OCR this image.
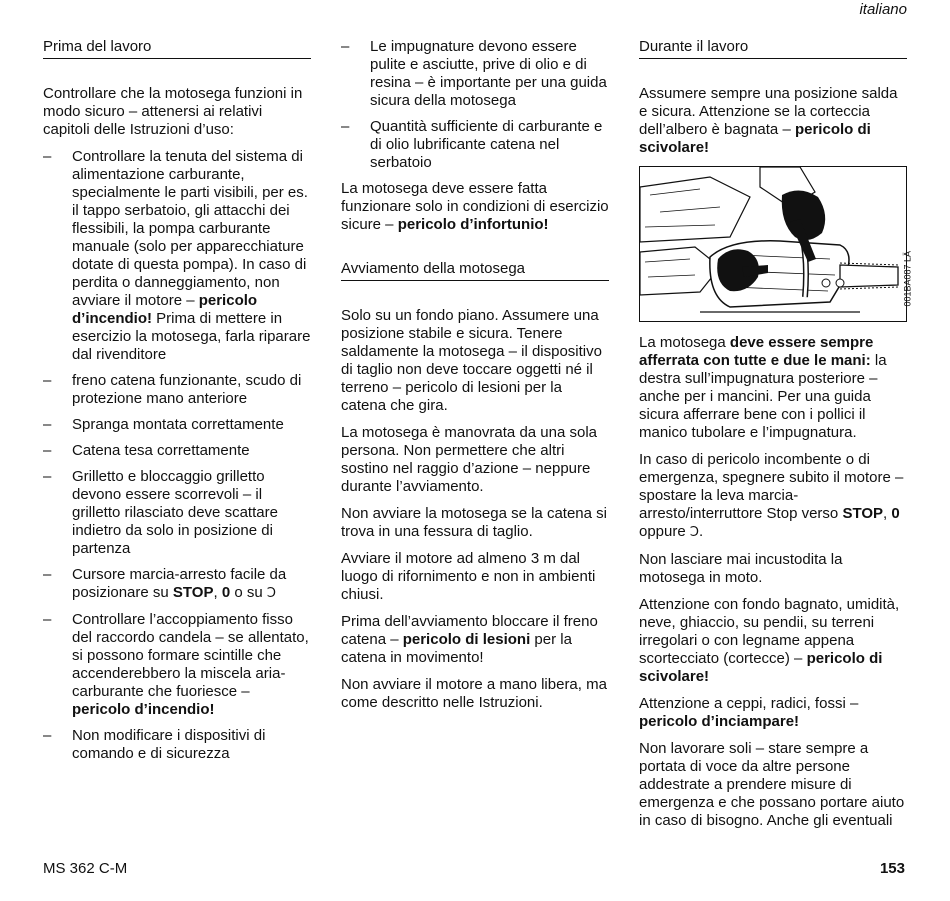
italiano
Prima del lavoro

Controllare che la motosega funzioni in modo sicuro – attenersi ai relativi capitoli delle Istruzioni d’uso:

– Controllare la tenuta del sistema di alimentazione carburante, specialmente le parti visibili, per es. il tappo serbatoio, gli attacchi dei flessibili, la pompa carburante manuale (solo per apparecchiature dotate di questa pompa). In caso di perdita o danneggiamento, non avviare il motore – pericolo d’incendio! Prima di mettere in esercizio la motosega, farla riparare dal rivenditore
– freno catena funzionante, scudo di protezione mano anteriore
– Spranga montata correttamente
– Catena tesa correttamente
– Grilletto e bloccaggio grilletto devono essere scorrevoli – il grilletto rilasciato deve scattare indietro da solo in posizione di partenza
– Cursore marcia-arresto facile da posizionare su STOP, 0 o su Ɔ
– Controllare l’accoppiamento fisso del raccordo candela – se allentato, si possono formare scintille che accenderebbero la miscela aria-carburante che fuoriesce – pericolo d’incendio!
– Non modificare i dispositivi di comando e di sicurezza
– Le impugnature devono essere pulite e asciutte, prive di olio e di resina – è importante per una guida sicura della motosega
– Quantità sufficiente di carburante e di olio lubrificante catena nel serbatoio

La motosega deve essere fatta funzionare solo in condizioni di esercizio sicure – pericolo d’infortunio!

Avviamento della motosega

Solo su un fondo piano. Assumere una posizione stabile e sicura. Tenere saldamente la motosega – il dispositivo di taglio non deve toccare oggetti né il terreno – pericolo di lesioni per la catena che gira.

La motosega è manovrata da una sola persona. Non permettere che altri sostino nel raggio d’azione – neppure durante l’avviamento.

Non avviare la motosega se la catena si trova in una fessura di taglio.

Avviare il motore ad almeno 3 m dal luogo di rifornimento e non in ambienti chiusi.

Prima dell’avviamento bloccare il freno catena – pericolo di lesioni per la catena in movimento!

Non avviare il motore a mano libera, ma come descritto nelle Istruzioni.

Durante il lavoro

Assumere sempre una posizione salda e sicura. Attenzione se la corteccia dell’albero è bagnata – pericolo di scivolare!

001BA087 LÄ

La motosega deve essere sempre afferrata con tutte e due le mani: la destra sull’impugnatura posteriore – anche per i mancini. Per una guida sicura afferrare bene con i pollici il manico tubolare e l’impugnatura.

In caso di pericolo incombente o di emergenza, spegnere subito il motore – spostare la leva marcia-arresto/interruttore Stop verso STOP, 0 oppure Ɔ.

Non lasciare mai incustodita la motosega in moto.

Attenzione con fondo bagnato, umidità, neve, ghiaccio, su pendii, su terreni irregolari o con legname appena scortecciato (cortecce) – pericolo di scivolare!

Attenzione a ceppi, radici, fossi – pericolo d’inciampare!

Non lavorare soli – stare sempre a portata di voce da altre persone addestrate a prendere misure di emergenza e che possano portare aiuto in caso di bisogno. Anche gli eventuali

MS 362 C-M	153
